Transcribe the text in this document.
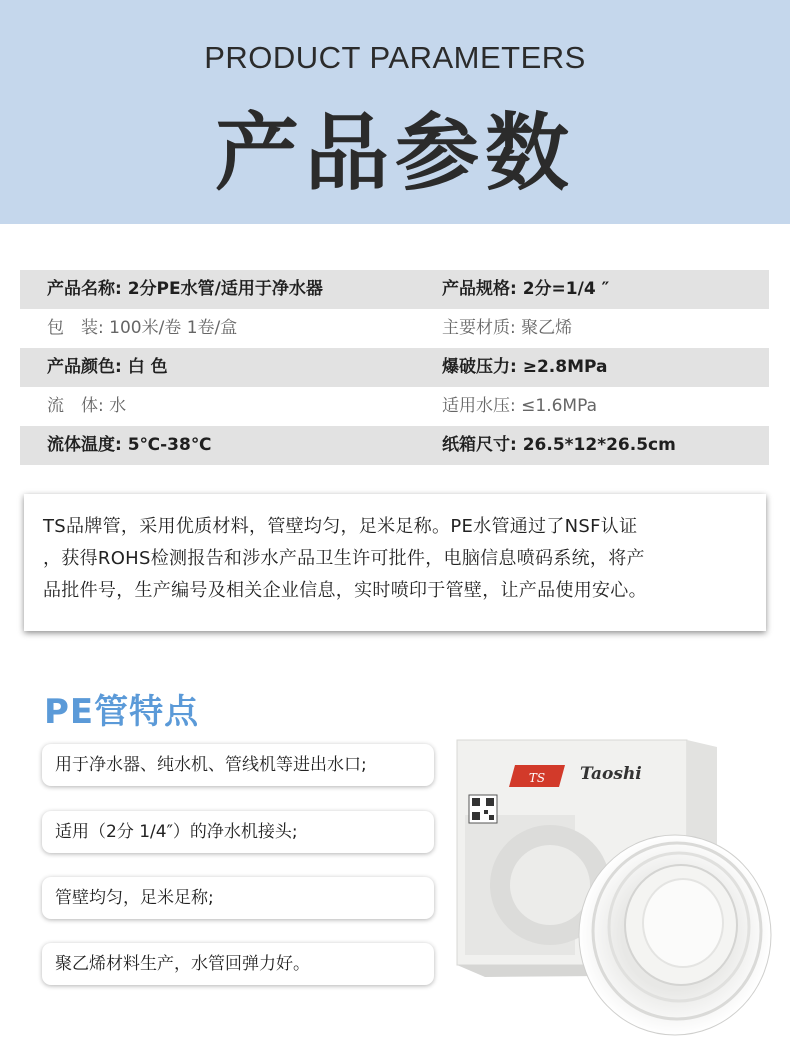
PRODUCT PARAMETERS
产品参数
产品名称: 2分PE水管/适用于净水器	产品规格: 2分=1/4 ″
包　装: 100米/卷 1卷/盒	主要材质: 聚乙烯
产品颜色: 白 色	爆破压力: ≥2.8MPa
流　体: 水	适用水压: ≤1.6MPa
流体温度: 5℃-38℃	纸箱尺寸: 26.5*12*26.5cm

TS品牌管，采用优质材料，管壁均匀，足米足称。PE水管通过了NSF认证

，获得ROHS检测报告和涉水产品卫生许可批件，电脑信息喷码系统，将产

品批件号，生产编号及相关企业信息，实时喷印于管壁，让产品使用安心。

PE管特点
用于净水器、纯水机、管线机等进出水口;
适用（2分 1/4″）的净水机接头;
管壁均匀，足米足称;
聚乙烯材料生产，水管回弹力好。
TS Taoshi
